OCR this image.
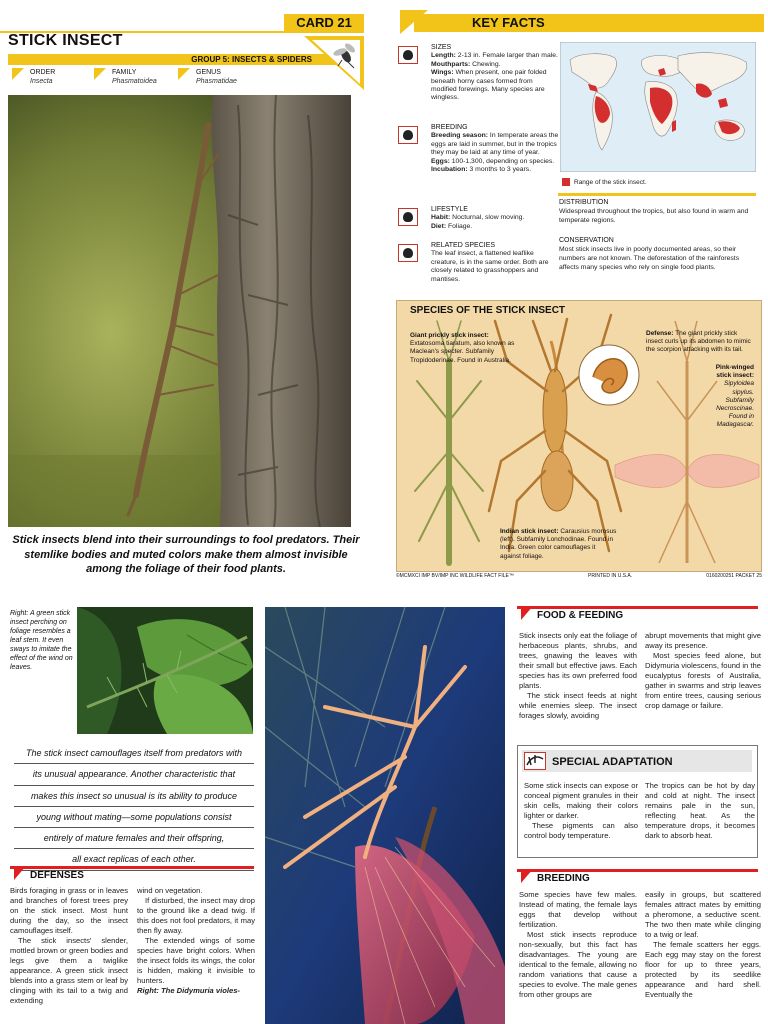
CARD 21
STICK INSECT
GROUP 5: INSECTS & SPIDERS
ORDER
Insecta
FAMILY
Phasmatoidea
GENUS
Phasmatidae
Stick insects blend into their surroundings to fool predators. Their stemlike bodies and muted colors make them almost invisible among the foliage of their food plants.
KEY FACTS
SIZES

Length: 2-13 in. Female larger than male.

Mouthparts: Chewing.

Wings: When present, one pair folded beneath horny cases formed from modified forewings. Many species are wingless.

BREEDING

Breeding season: In temperate areas the eggs are laid in summer, but in the tropics they may be laid at any time of year.

Eggs: 100-1,300, depending on species.

Incubation: 3 months to 3 years.

LIFESTYLE

Habit: Nocturnal, slow moving.

Diet: Foliage.

RELATED SPECIES

The leaf insect, a flattened leaflike creature, is in the same order. Both are closely related to grasshoppers and mantises.

Range of the stick insect.
DISTRIBUTION

Widespread throughout the tropics, but also found in warm and temperate regions.

CONSERVATION

Most stick insects live in poorly documented areas, so their numbers are not known. The deforestation of the rainforests affects many species who rely on single food plants.

SPECIES OF THE STICK INSECT
Giant prickly stick insect: Extatosoma tiaratum, also known as Maclean's specter. Subfamily Tropidoderinae. Found in Australia.
Defense: The giant prickly stick insect curls up its abdomen to mimic the scorpion attacking with its tail.
Pink-winged stick insect: Sipyloidea sipylus. Subfamily Necroscinae. Found in Madagascar.
Indian stick insect: Carausius morosus (left). Subfamily Lonchodinae. Found in India. Green color camouflages it against foliage.
©MCMXCI IMP BV/IMP INC WILDLIFE FACT FILE™	PRINTED IN U.S.A.	0160200251 PACKET 25
Right: A green stick insect perching on foliage resembles a leaf stem. It even sways to imitate the effect of the wind on leaves.
The stick insect camouflages itself from predators with
its unusual appearance. Another characteristic that
makes this insect so unusual is its ability to produce
young without mating—some populations consist
entirely of mature females and their offspring,
all exact replicas of each other.
DEFENSES

Birds foraging in grass or in leaves and branches of forest trees prey on the stick insect. Most hunt during the day, so the insect camouflages itself.

The stick insects' slender, mottled brown or green bodies and legs give them a twiglike appearance. A green stick insect blends into a grass stem or leaf by clinging with its tail to a twig and extending

wind on vegetation.

If disturbed, the insect may drop to the ground like a dead twig. If this does not fool predators, it may then fly away.

The extended wings of some species have bright colors. When the insect folds its wings, the color is hidden, making it invisible to hunters.

Right: The Didymuria violes-

FOOD & FEEDING

Stick insects only eat the foliage of herbaceous plants, shrubs, and trees, gnawing the leaves with their small but effective jaws. Each species has its own preferred food plants.

The stick insect feeds at night while enemies sleep. The insect forages slowly, avoiding

abrupt movements that might give away its presence.

Most species feed alone, but Didymuria violescens, found in the eucalyptus forests of Australia, gather in swarms and strip leaves from entire trees, causing serious crop damage or failure.

SPECIAL ADAPTATION

Some stick insects can expose or conceal pigment granules in their skin cells, making their colors lighter or darker.

These pigments can also control body temperature.

The tropics can be hot by day and cold at night. The insect remains pale in the sun, reflecting heat. As the temperature drops, it becomes dark to absorb heat.

BREEDING

Some species have few males. Instead of mating, the female lays eggs that develop without fertilization.

Most stick insects reproduce non-sexually, but this fact has disadvantages. The young are identical to the female, allowing no random variations that cause a species to evolve. The male genes from other groups are

easily in groups, but scattered females attract mates by emitting a pheromone, a seductive scent. The two then mate while clinging to a twig or leaf.

The female scatters her eggs. Each egg may stay on the forest floor for up to three years, protected by its seedlike appearance and hard shell. Eventually the
